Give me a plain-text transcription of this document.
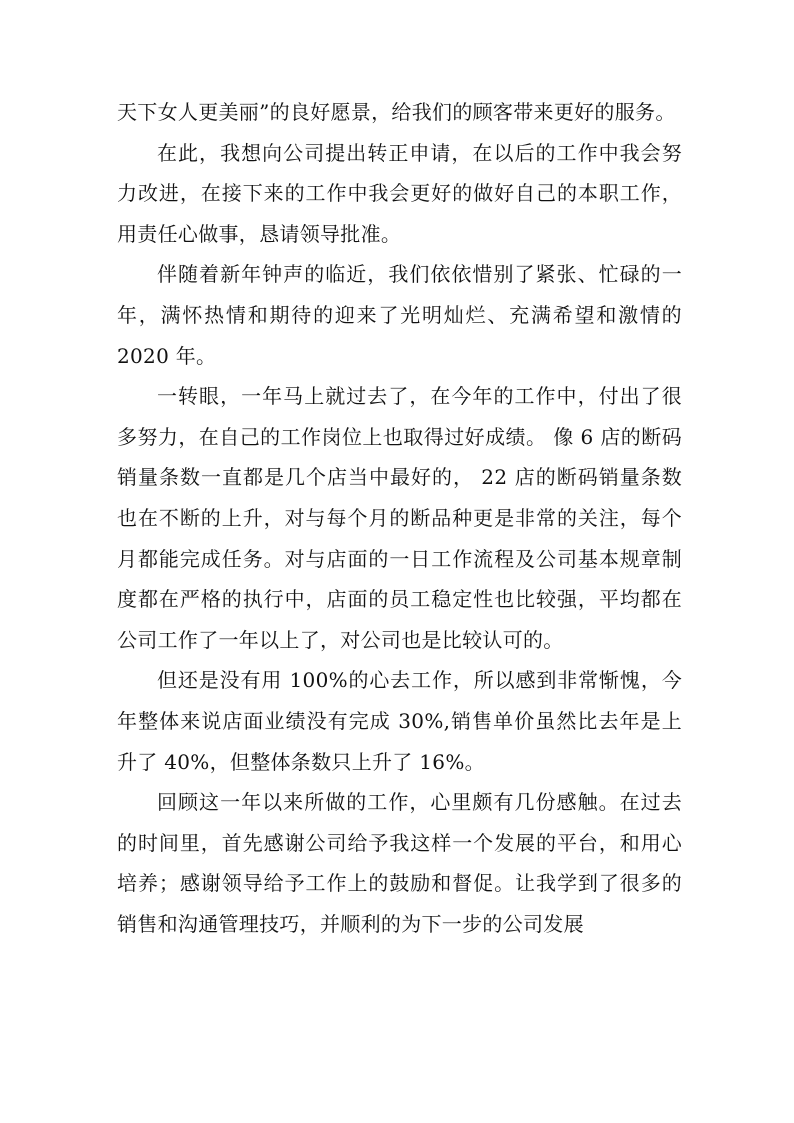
天下女人更美丽”的良好愿景，给我们的顾客带来更好的服务。

在此，我想向公司提出转正申请，在以后的工作中我会努力改进，在接下来的工作中我会更好的做好自己的本职工作，用责任心做事，恳请领导批准。

伴随着新年钟声的临近，我们依依惜别了紧张、忙碌的一年，满怀热情和期待的迎来了光明灿烂、充满希望和激情的 2020 年。

一转眼，一年马上就过去了，在今年的工作中，付出了很多努力，在自己的工作岗位上也取得过好成绩。 像 6 店的断码销量条数一直都是几个店当中最好的， 22 店的断码销量条数也在不断的上升，对与每个月的断品种更是非常的关注，每个月都能完成任务。对与店面的一日工作流程及公司基本规章制度都在严格的执行中，店面的员工稳定性也比较强，平均都在公司工作了一年以上了，对公司也是比较认可的。

但还是没有用 100%的心去工作，所以感到非常惭愧，今年整体来说店面业绩没有完成 30%,销售单价虽然比去年是上升了 40%，但整体条数只上升了 16%。

回顾这一年以来所做的工作，心里颇有几份感触。在过去的时间里，首先感谢公司给予我这样一个发展的平台，和用心培养；感谢领导给予工作上的鼓励和督促。让我学到了很多的销售和沟通管理技巧，并顺利的为下一步的公司发展
